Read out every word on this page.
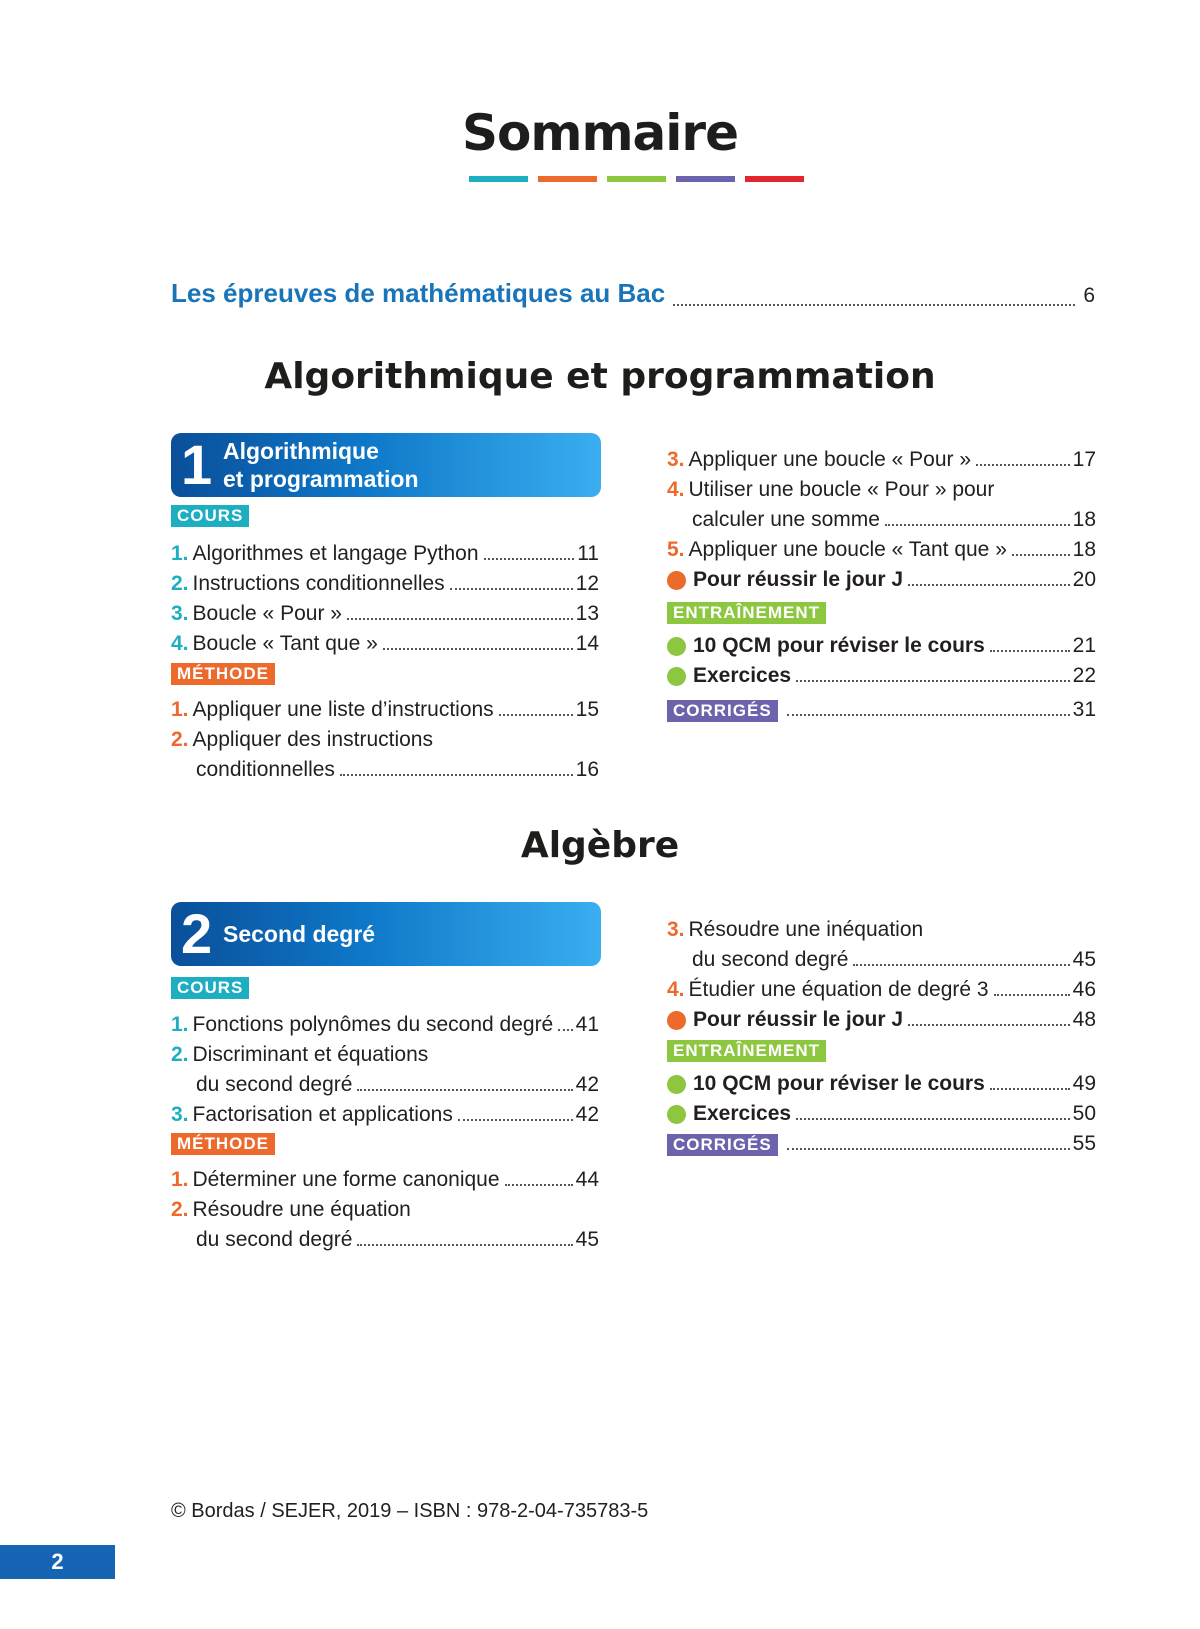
Sommaire
Les épreuves de mathématiques au Bac	6
Algorithmique et programmation
1 Algorithmique
et programmation
COURS
1. Algorithmes et langage Python	11
2. Instructions conditionnelles	12
3. Boucle « Pour »	13
4. Boucle « Tant que »	14
MÉTHODE
1. Appliquer une liste d’instructions	15
2. Appliquer des instructions
conditionnelles	16
3. Appliquer une boucle « Pour »	17
4. Utiliser une boucle « Pour » pour
calculer une somme	18
5. Appliquer une boucle « Tant que »	18
Pour réussir le jour J	20
ENTRAÎNEMENT
10 QCM pour réviser le cours	21
Exercices	22
CORRIGÉS	31
Algèbre
2 Second degré
COURS
1. Fonctions polynômes du second degré 41
2. Discriminant et équations
du second degré	42
3. Factorisation et applications	42
MÉTHODE
1. Déterminer une forme canonique	44
2. Résoudre une équation
du second degré	45
3. Résoudre une inéquation
du second degré	45
4. Étudier une équation de degré 3	46
Pour réussir le jour J	48
ENTRAÎNEMENT
10 QCM pour réviser le cours	49
Exercices	50
CORRIGÉS	55
© Bordas / SEJER, 2019 – ISBN : 978-2-04-735783-5
2
